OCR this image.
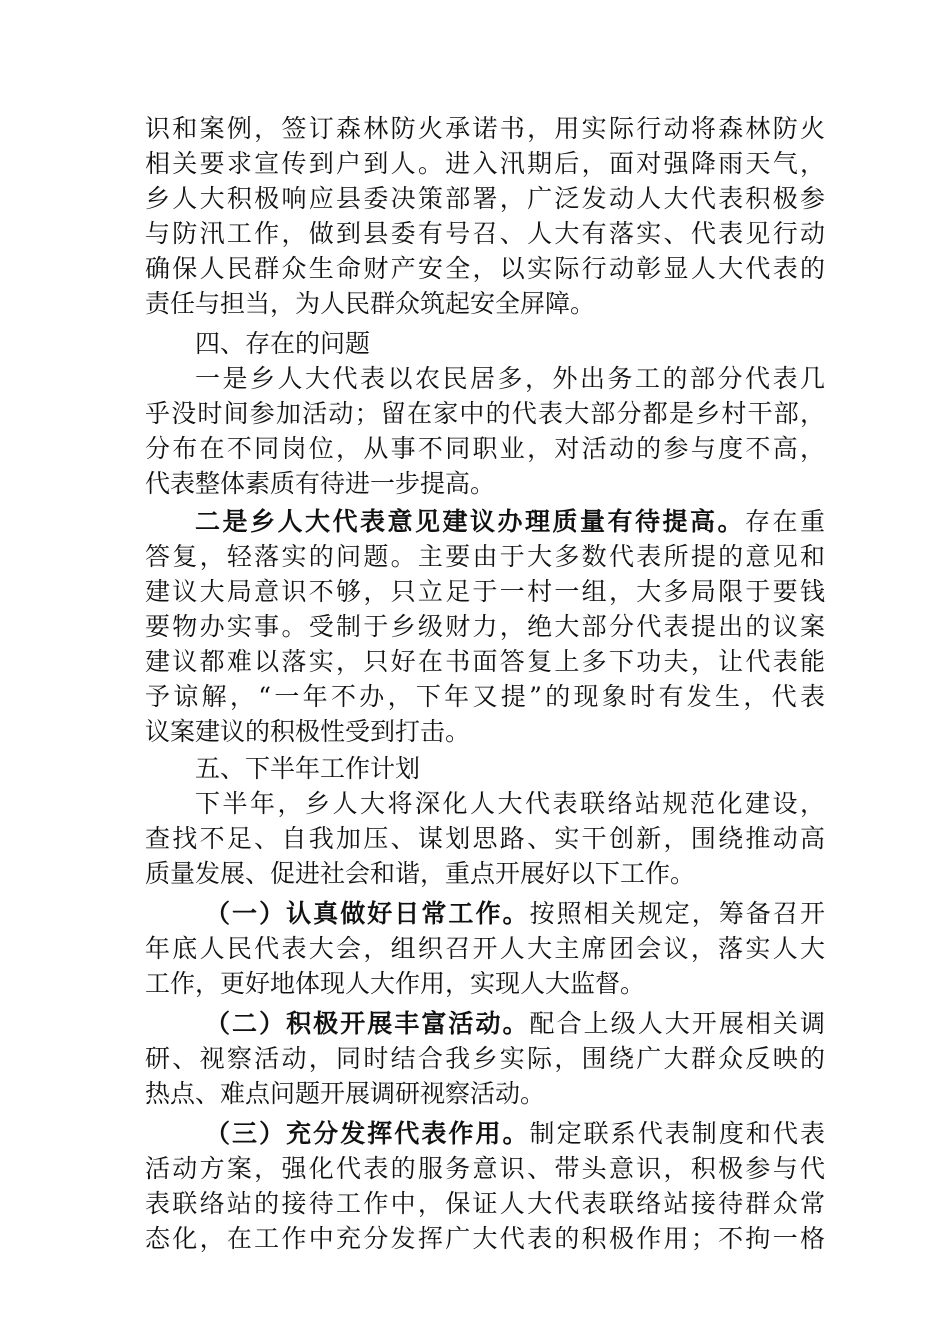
识和案例，签订森林防火承诺书，用实际行动将森林防火
相关要求宣传到户到人。进入汛期后，面对强降雨天气，
乡人大积极响应县委决策部署，广泛发动人大代表积极参
与防汛工作，做到县委有号召、人大有落实、代表见行动
确保人民群众生命财产安全，以实际行动彰显人大代表的
责任与担当，为人民群众筑起安全屏障。
四、存在的问题
一是乡人大代表以农民居多，外出务工的部分代表几
乎没时间参加活动；留在家中的代表大部分都是乡村干部，
分布在不同岗位，从事不同职业，对活动的参与度不高，
代表整体素质有待进一步提高。
二是乡人大代表意见建议办理质量有待提高。存在重
答复，轻落实的问题。主要由于大多数代表所提的意见和
建议大局意识不够，只立足于一村一组，大多局限于要钱
要物办实事。受制于乡级财力，绝大部分代表提出的议案
建议都难以落实，只好在书面答复上多下功夫，让代表能
予谅解，“一年不办，下年又提”的现象时有发生，代表
议案建议的积极性受到打击。
五、下半年工作计划
下半年，乡人大将深化人大代表联络站规范化建设，
查找不足、自我加压、谋划思路、实干创新，围绕推动高
质量发展、促进社会和谐，重点开展好以下工作。
（一）认真做好日常工作。按照相关规定，筹备召开
年底人民代表大会，组织召开人大主席团会议，落实人大
工作，更好地体现人大作用，实现人大监督。
（二）积极开展丰富活动。配合上级人大开展相关调
研、视察活动，同时结合我乡实际，围绕广大群众反映的
热点、难点问题开展调研视察活动。
（三）充分发挥代表作用。制定联系代表制度和代表
活动方案，强化代表的服务意识、带头意识，积极参与代
表联络站的接待工作中，保证人大代表联络站接待群众常
态化，在工作中充分发挥广大代表的积极作用；不拘一格
